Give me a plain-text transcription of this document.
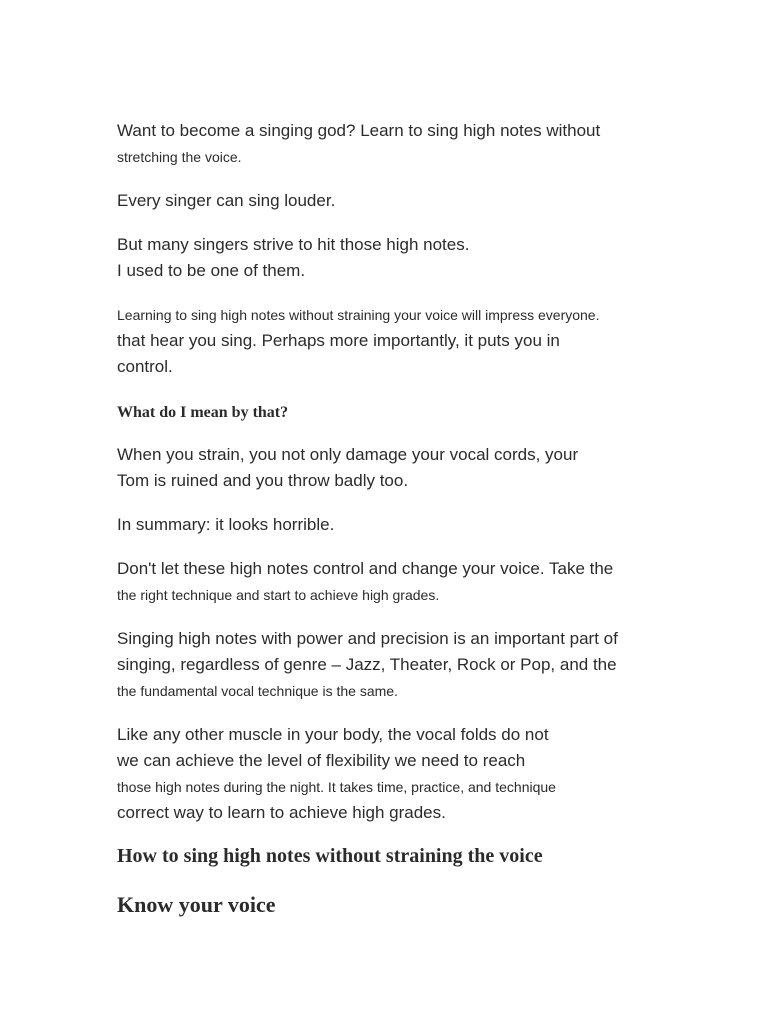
Want to become a singing god? Learn to sing high notes without
stretching the voice.

Every singer can sing louder.

But many singers strive to hit those high notes.
I used to be one of them.

Learning to sing high notes without straining your voice will impress everyone.
that hear you sing. Perhaps more importantly, it puts you in
control.

What do I mean by that?

When you strain, you not only damage your vocal cords, your
Tom is ruined and you throw badly too.

In summary: it looks horrible.

Don't let these high notes control and change your voice. Take the
the right technique and start to achieve high grades.

Singing high notes with power and precision is an important part of
singing, regardless of genre – Jazz, Theater, Rock or Pop, and the
the fundamental vocal technique is the same.

Like any other muscle in your body, the vocal folds do not
we can achieve the level of flexibility we need to reach
those high notes during the night. It takes time, practice, and technique
correct way to learn to achieve high grades.

How to sing high notes without straining the voice
Know your voice
